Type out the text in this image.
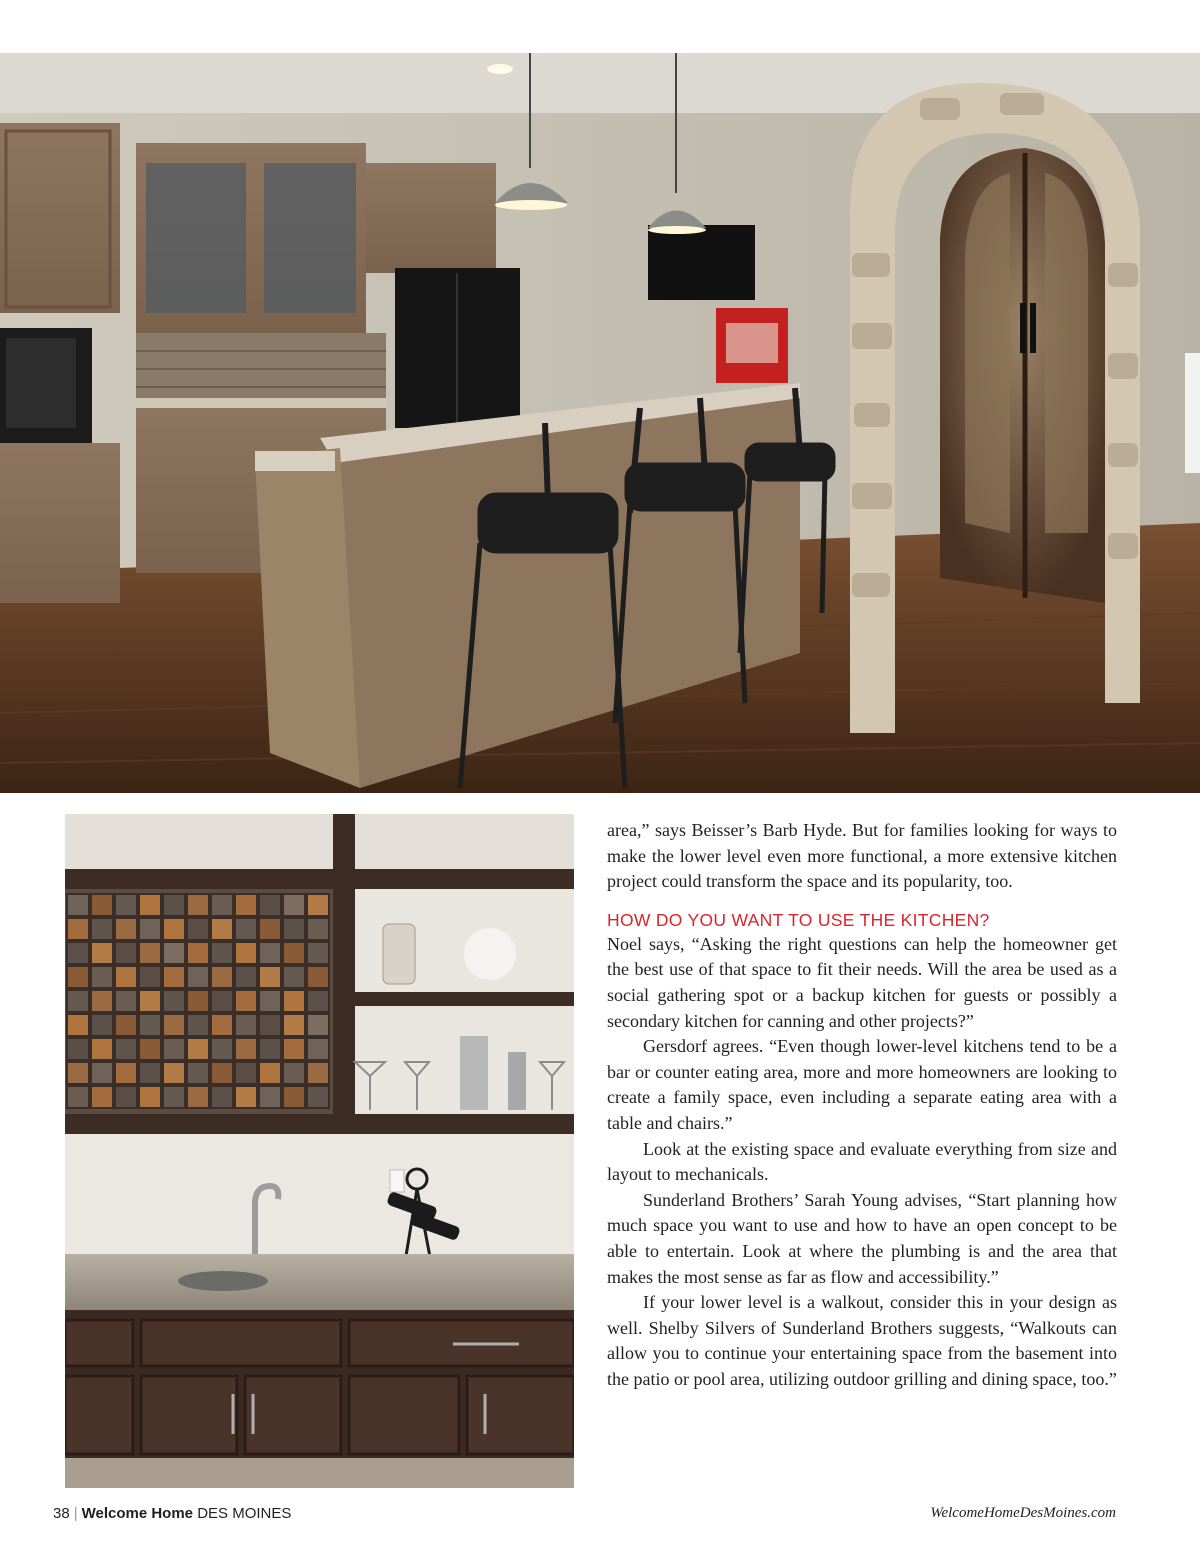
area,” says Beisser’s Barb Hyde. But for families looking for ways to make the lower level even more functional, a more extensive kitchen project could transform the space and its popularity, too.

HOW DO YOU WANT TO USE THE KITCHEN?

Noel says, “Asking the right questions can help the homeowner get the best use of that space to fit their needs. Will the area be used as a social gathering spot or a backup kitchen for guests or possibly a secondary kitchen for canning and other projects?”

Gersdorf agrees. “Even though lower-level kitchens tend to be a bar or counter eating area, more and more homeowners are looking to create a family space, even including a separate eating area with a table and chairs.”

Look at the existing space and evaluate everything from size and layout to mechanicals.

Sunderland Brothers’ Sarah Young advises, “Start planning how much space you want to use and how to have an open concept to be able to entertain. Look at where the plumbing is and the area that makes the most sense as far as flow and accessibility.”

If your lower level is a walkout, consider this in your design as well. Shelby Silvers of Sunderland Brothers suggests, “Walkouts can allow you to continue your entertaining space from the basement into the patio or pool area, utilizing outdoor grilling and dining space, too.”

38 | Welcome Home DES MOINES	WelcomeHomeDesMoines.com
